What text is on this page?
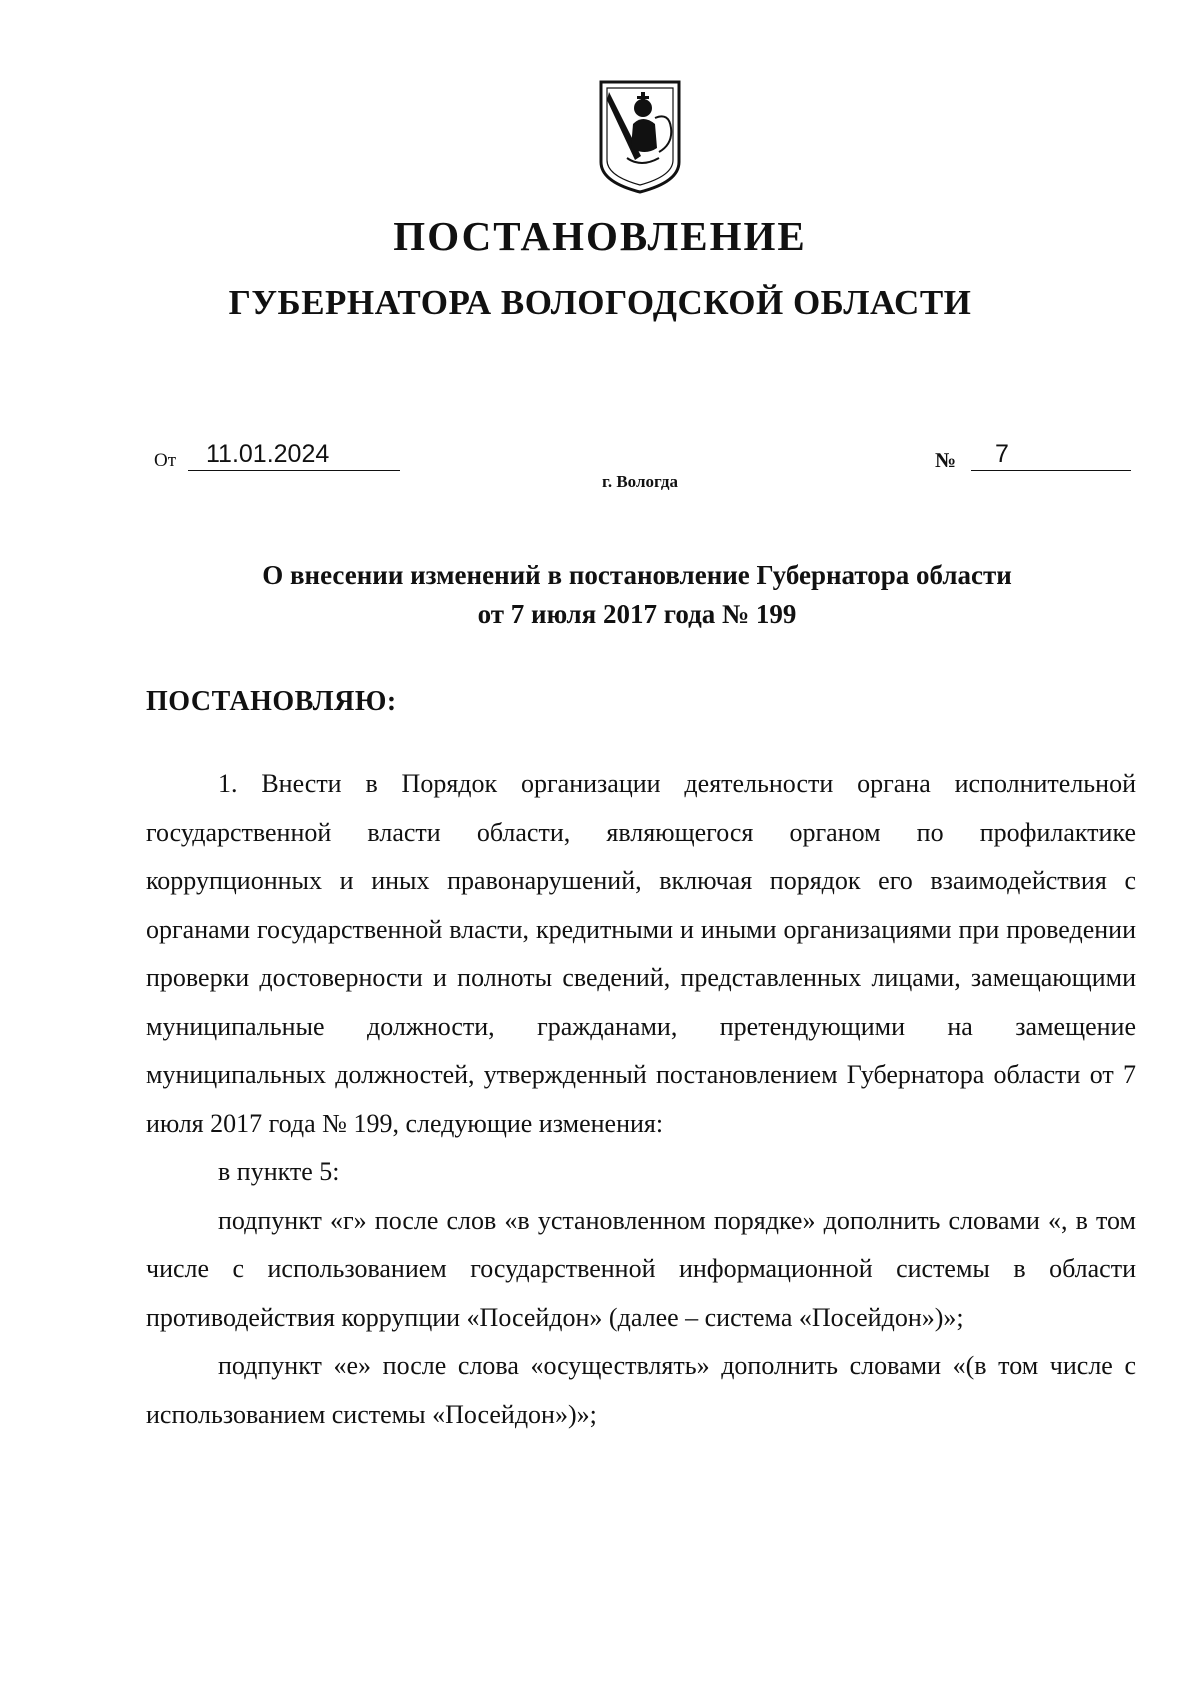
ПОСТАНОВЛЕНИЕ
ГУБЕРНАТОРА ВОЛОГОДСКОЙ ОБЛАСТИ
От	11.01.2024	№	7
г. Вологда
О внесении изменений в постановление Губернатора области
от 7 июля 2017 года № 199
ПОСТАНОВЛЯЮ:

1. Внести в Порядок организации деятельности органа исполнительной государственной власти области, являющегося органом по профилактике коррупционных и иных правонарушений, включая порядок его взаимодействия с органами государственной власти, кредитными и иными организациями при проведении проверки достоверности и полноты сведений, представленных лицами, замещающими муниципальные должности, гражданами, претендующими на замещение муниципальных должностей, утвержденный постановлением Губернатора области от 7 июля 2017 года № 199, следующие изменения:

в пункте 5:

подпункт «г» после слов «в установленном порядке» дополнить словами «, в том числе с использованием государственной информационной системы в области противодействия коррупции «Посейдон» (далее – система «Посейдон»)»;

подпункт «е» после слова «осуществлять» дополнить словами «(в том числе с использованием системы «Посейдон»)»;
